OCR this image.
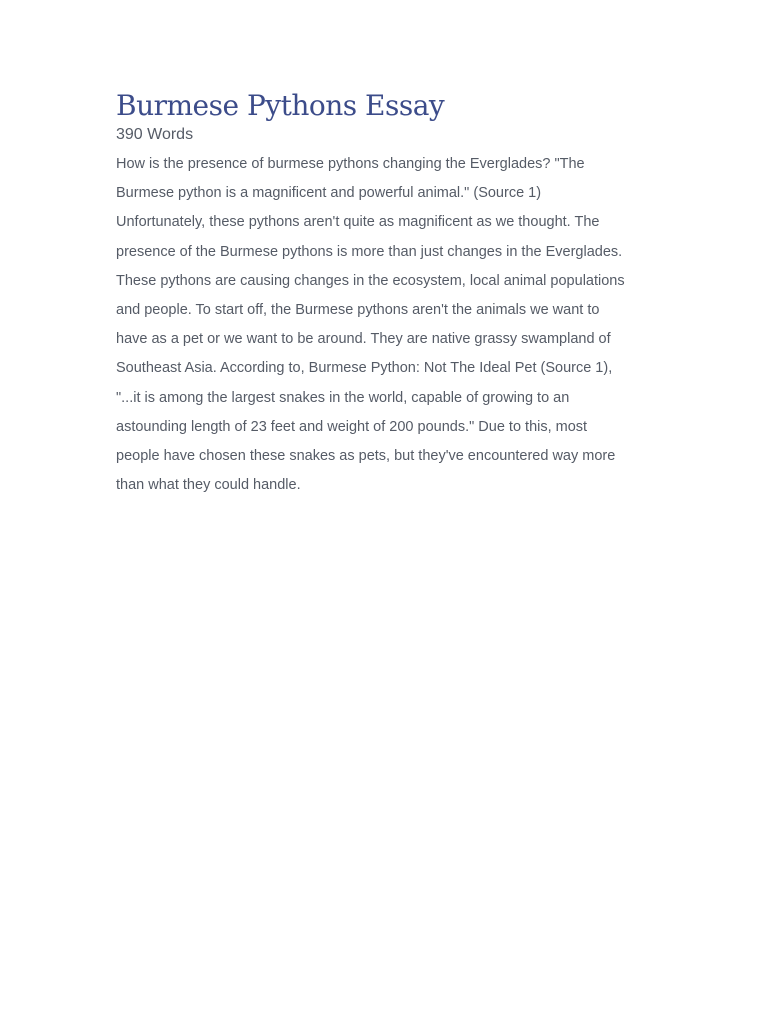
Burmese Pythons Essay

390 Words

How is the presence of burmese pythons changing the Everglades? "The
Burmese python is a magnificent and powerful animal." (Source 1)
Unfortunately, these pythons aren't quite as magnificent as we thought. The
presence of the Burmese pythons is more than just changes in the Everglades.
These pythons are causing changes in the ecosystem, local animal populations
and people. To start off, the Burmese pythons aren't the animals we want to
have as a pet or we want to be around. They are native grassy swampland of
Southeast Asia. According to, Burmese Python: Not The Ideal Pet (Source 1),
"...it is among the largest snakes in the world, capable of growing to an
astounding length of 23 feet and weight of 200 pounds." Due to this, most
people have chosen these snakes as pets, but they've encountered way more
than what they could handle.
